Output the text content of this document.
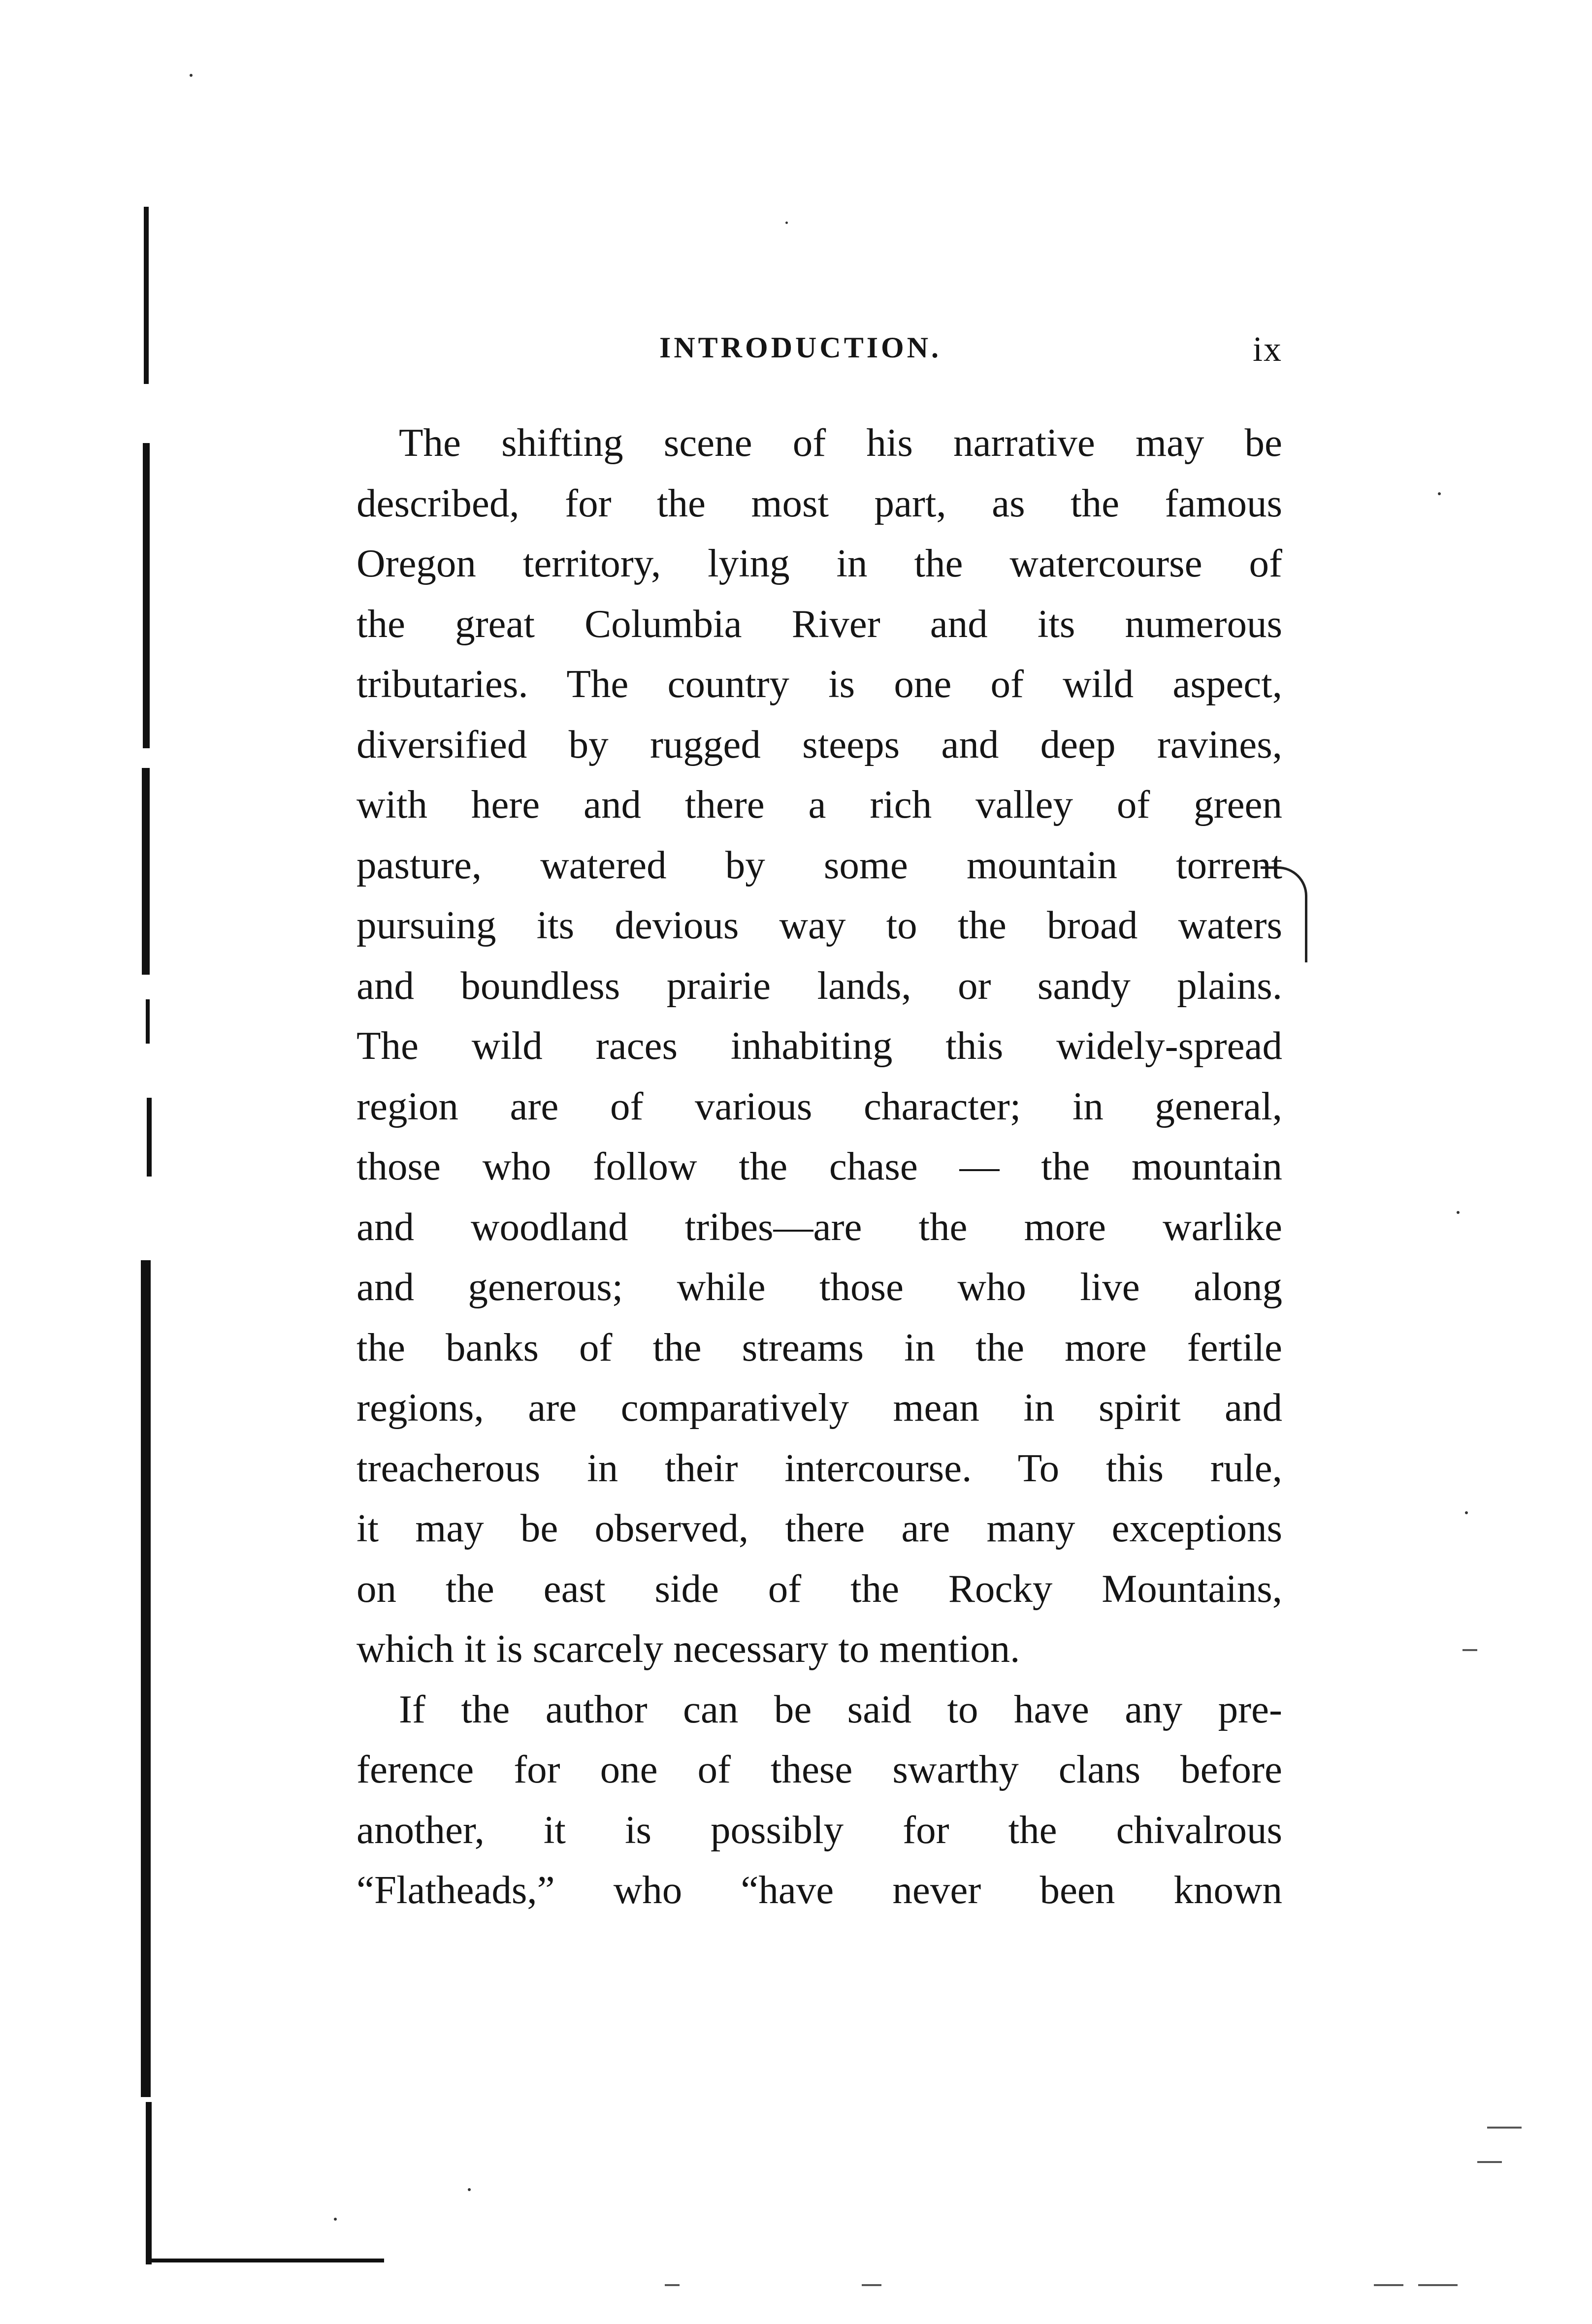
INTRODUCTION.	ix
The shifting scene of his narrative may be
described, for the most part, as the famous
Oregon territory, lying in the watercourse of
the great Columbia River and its numerous
tributaries. The country is one of wild aspect,
diversified by rugged steeps and deep ravines,
with here and there a rich valley of green
pasture, watered by some mountain torrent
pursuing its devious way to the broad waters
and boundless prairie lands, or sandy plains.
The wild races inhabiting this widely-spread
region are of various character; in general,
those who follow the chase — the mountain
and woodland tribes—are the more warlike
and generous; while those who live along
the banks of the streams in the more fertile
regions, are comparatively mean in spirit and
treacherous in their intercourse. To this rule,
it may be observed, there are many exceptions
on the east side of the Rocky Mountains,
which it is scarcely necessary to mention.
If the author can be said to have any pre-
ference for one of these swarthy clans before
another, it is possibly for the chivalrous
“Flatheads,” who “have never been known
